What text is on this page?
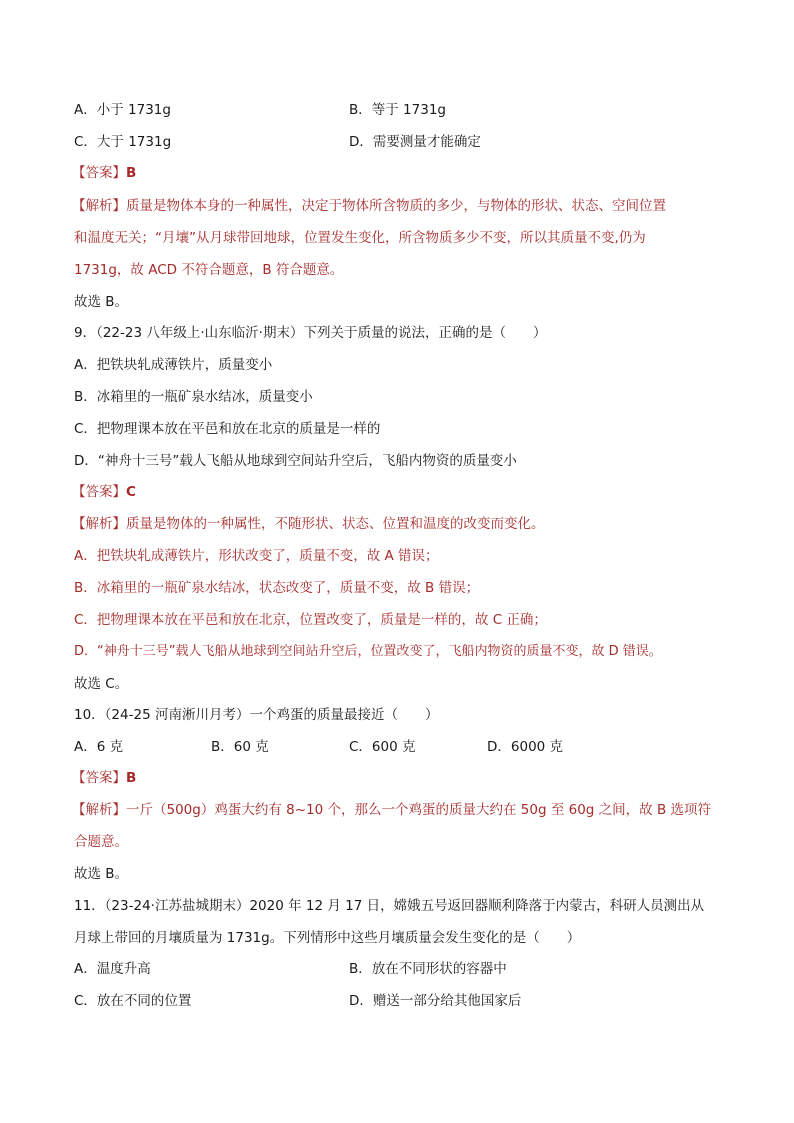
A．小于 1731g	B．等于 1731g
C．大于 1731g	D．需要测量才能确定
【答案】B
【解析】质量是物体本身的一种属性，决定于物体所含物质的多少，与物体的形状、状态、空间位置
和温度无关；“月壤”从月球带回地球，位置发生变化，所含物质多少不变，所以其质量不变,仍为
1731g，故 ACD 不符合题意，B 符合题意。
故选 B。
9．（22-23 八年级上·山东临沂·期末）下列关于质量的说法，正确的是（　　）
A．把铁块轧成薄铁片，质量变小
B．冰箱里的一瓶矿泉水结冰，质量变小
C．把物理课本放在平邑和放在北京的质量是一样的
D．“神舟十三号”载人飞船从地球到空间站升空后，飞船内物资的质量变小
【答案】C
【解析】质量是物体的一种属性，不随形状、状态、位置和温度的改变而变化。
A．把铁块轧成薄铁片，形状改变了，质量不变，故 A 错误；
B．冰箱里的一瓶矿泉水结冰，状态改变了，质量不变，故 B 错误；
C．把物理课本放在平邑和放在北京，位置改变了，质量是一样的，故 C 正确；
D．“神舟十三号”载人飞船从地球到空间站升空后，位置改变了，飞船内物资的质量不变，故 D 错误。
故选 C。
10．（24-25 河南淅川月考）一个鸡蛋的质量最接近（　　）
A．6 克	B．60 克	C．600 克	D．6000 克
【答案】B
【解析】一斤（500g）鸡蛋大约有 8~10 个，那么一个鸡蛋的质量大约在 50g 至 60g 之间，故 B 选项符
合题意。
故选 B。
11．（23-24·江苏盐城期末）2020 年 12 月 17 日，嫦娥五号返回器顺利降落于内蒙古，科研人员测出从
月球上带回的月壤质量为 1731g。下列情形中这些月壤质量会发生变化的是（　　）
A．温度升高	B．放在不同形状的容器中
C．放在不同的位置	D．赠送一部分给其他国家后
